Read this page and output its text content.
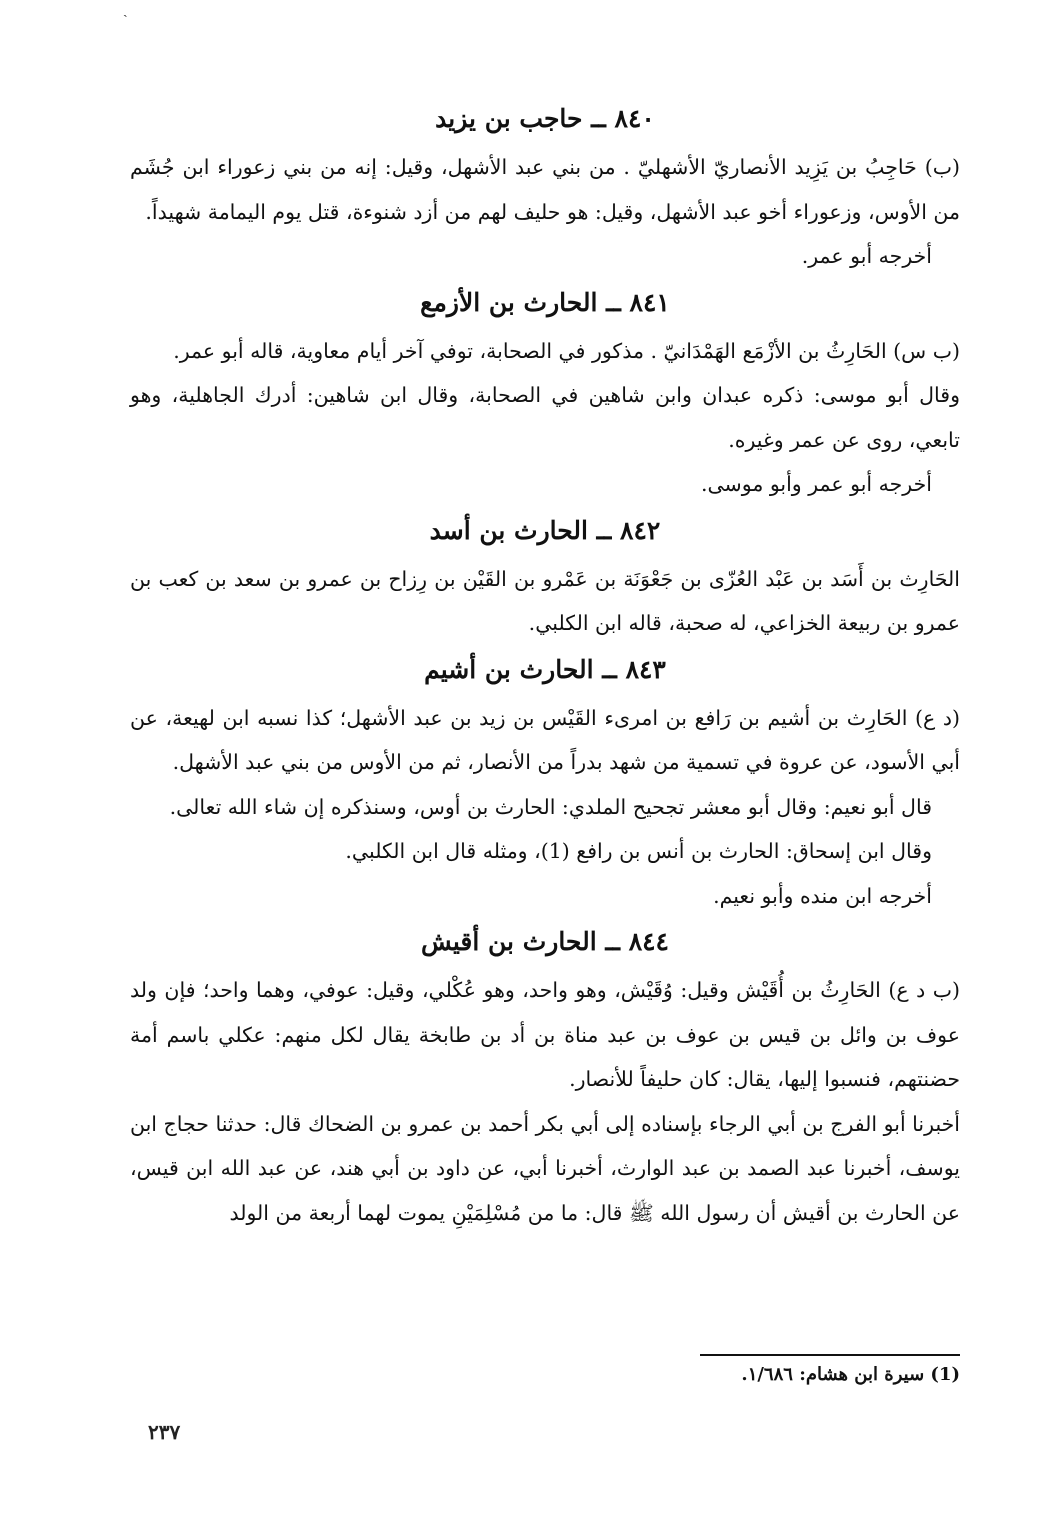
ˎ
٨٤٠ ــ حاجب بن يزيد

(ب) حَاجِبُ بن يَزِيد الأنصاريّ الأشهليّ . من بني عبد الأشهل، وقيل: إنه من بني زعوراء ابن جُشَم من الأوس، وزعوراء أخو عبد الأشهل، وقيل: هو حليف لهم من أزد شنوءة، قتل يوم اليمامة شهيداً.

أخرجه أبو عمر.

٨٤١ ــ الحارث بن الأزمع

(ب س) الحَارِثُ بن الأزْمَع الهَمْدَانيّ . مذكور في الصحابة، توفي آخر أيام معاوية، قاله أبو عمر.

وقال أبو موسى: ذكره عبدان وابن شاهين في الصحابة، وقال ابن شاهين: أدرك الجاهلية، وهو تابعي، روى عن عمر وغيره.

أخرجه أبو عمر وأبو موسى.

٨٤٢ ــ الحارث بن أسد

الحَارِث بن أَسَد بن عَبْد العُزّى بن جَعْوَنَة بن عَمْرو بن القَيْن بن رِزاح بن عمرو بن سعد بن كعب بن عمرو بن ربيعة الخزاعي، له صحبة، قاله ابن الكلبي.

٨٤٣ ــ الحارث بن أشيم

(د ع) الحَارِث بن أشيم بن رَافع بن امرىء القَيْس بن زيد بن عبد الأشهل؛ كذا نسبه ابن لهيعة، عن أبي الأسود، عن عروة في تسمية من شهد بدراً من الأنصار، ثم من الأوس من بني عبد الأشهل.

قال أبو نعيم: وقال أبو معشر تجحيح الملدي: الحارث بن أوس، وسنذكره إن شاء الله تعالى.

وقال ابن إسحاق: الحارث بن أنس بن رافع (1)، ومثله قال ابن الكلبي.

أخرجه ابن منده وأبو نعيم.

٨٤٤ ــ الحارث بن أقيش

(ب د ع) الحَارِثُ بن أُقَيْش وقيل: وُقَيْش، وهو واحد، وهو عُكْلي، وقيل: عوفي، وهما واحد؛ فإن ولد عوف بن وائل بن قيس بن عوف بن عبد مناة بن أد بن طابخة يقال لكل منهم: عكلي باسم أمة حضنتهم، فنسبوا إليها، يقال: كان حليفاً للأنصار.

أخبرنا أبو الفرج بن أبي الرجاء بإسناده إلى أبي بكر أحمد بن عمرو بن الضحاك قال: حدثنا حجاج ابن يوسف، أخبرنا عبد الصمد بن عبد الوارث، أخبرنا أبي، عن داود بن أبي هند، عن عبد الله ابن قيس، عن الحارث بن أقيش أن رسول الله ﷺ قال: ما من مُسْلِمَيْنِ يموت لهما أربعة من الولد

(1) سيرة ابن هشام: ١/٦٨٦.
٢٣٧
